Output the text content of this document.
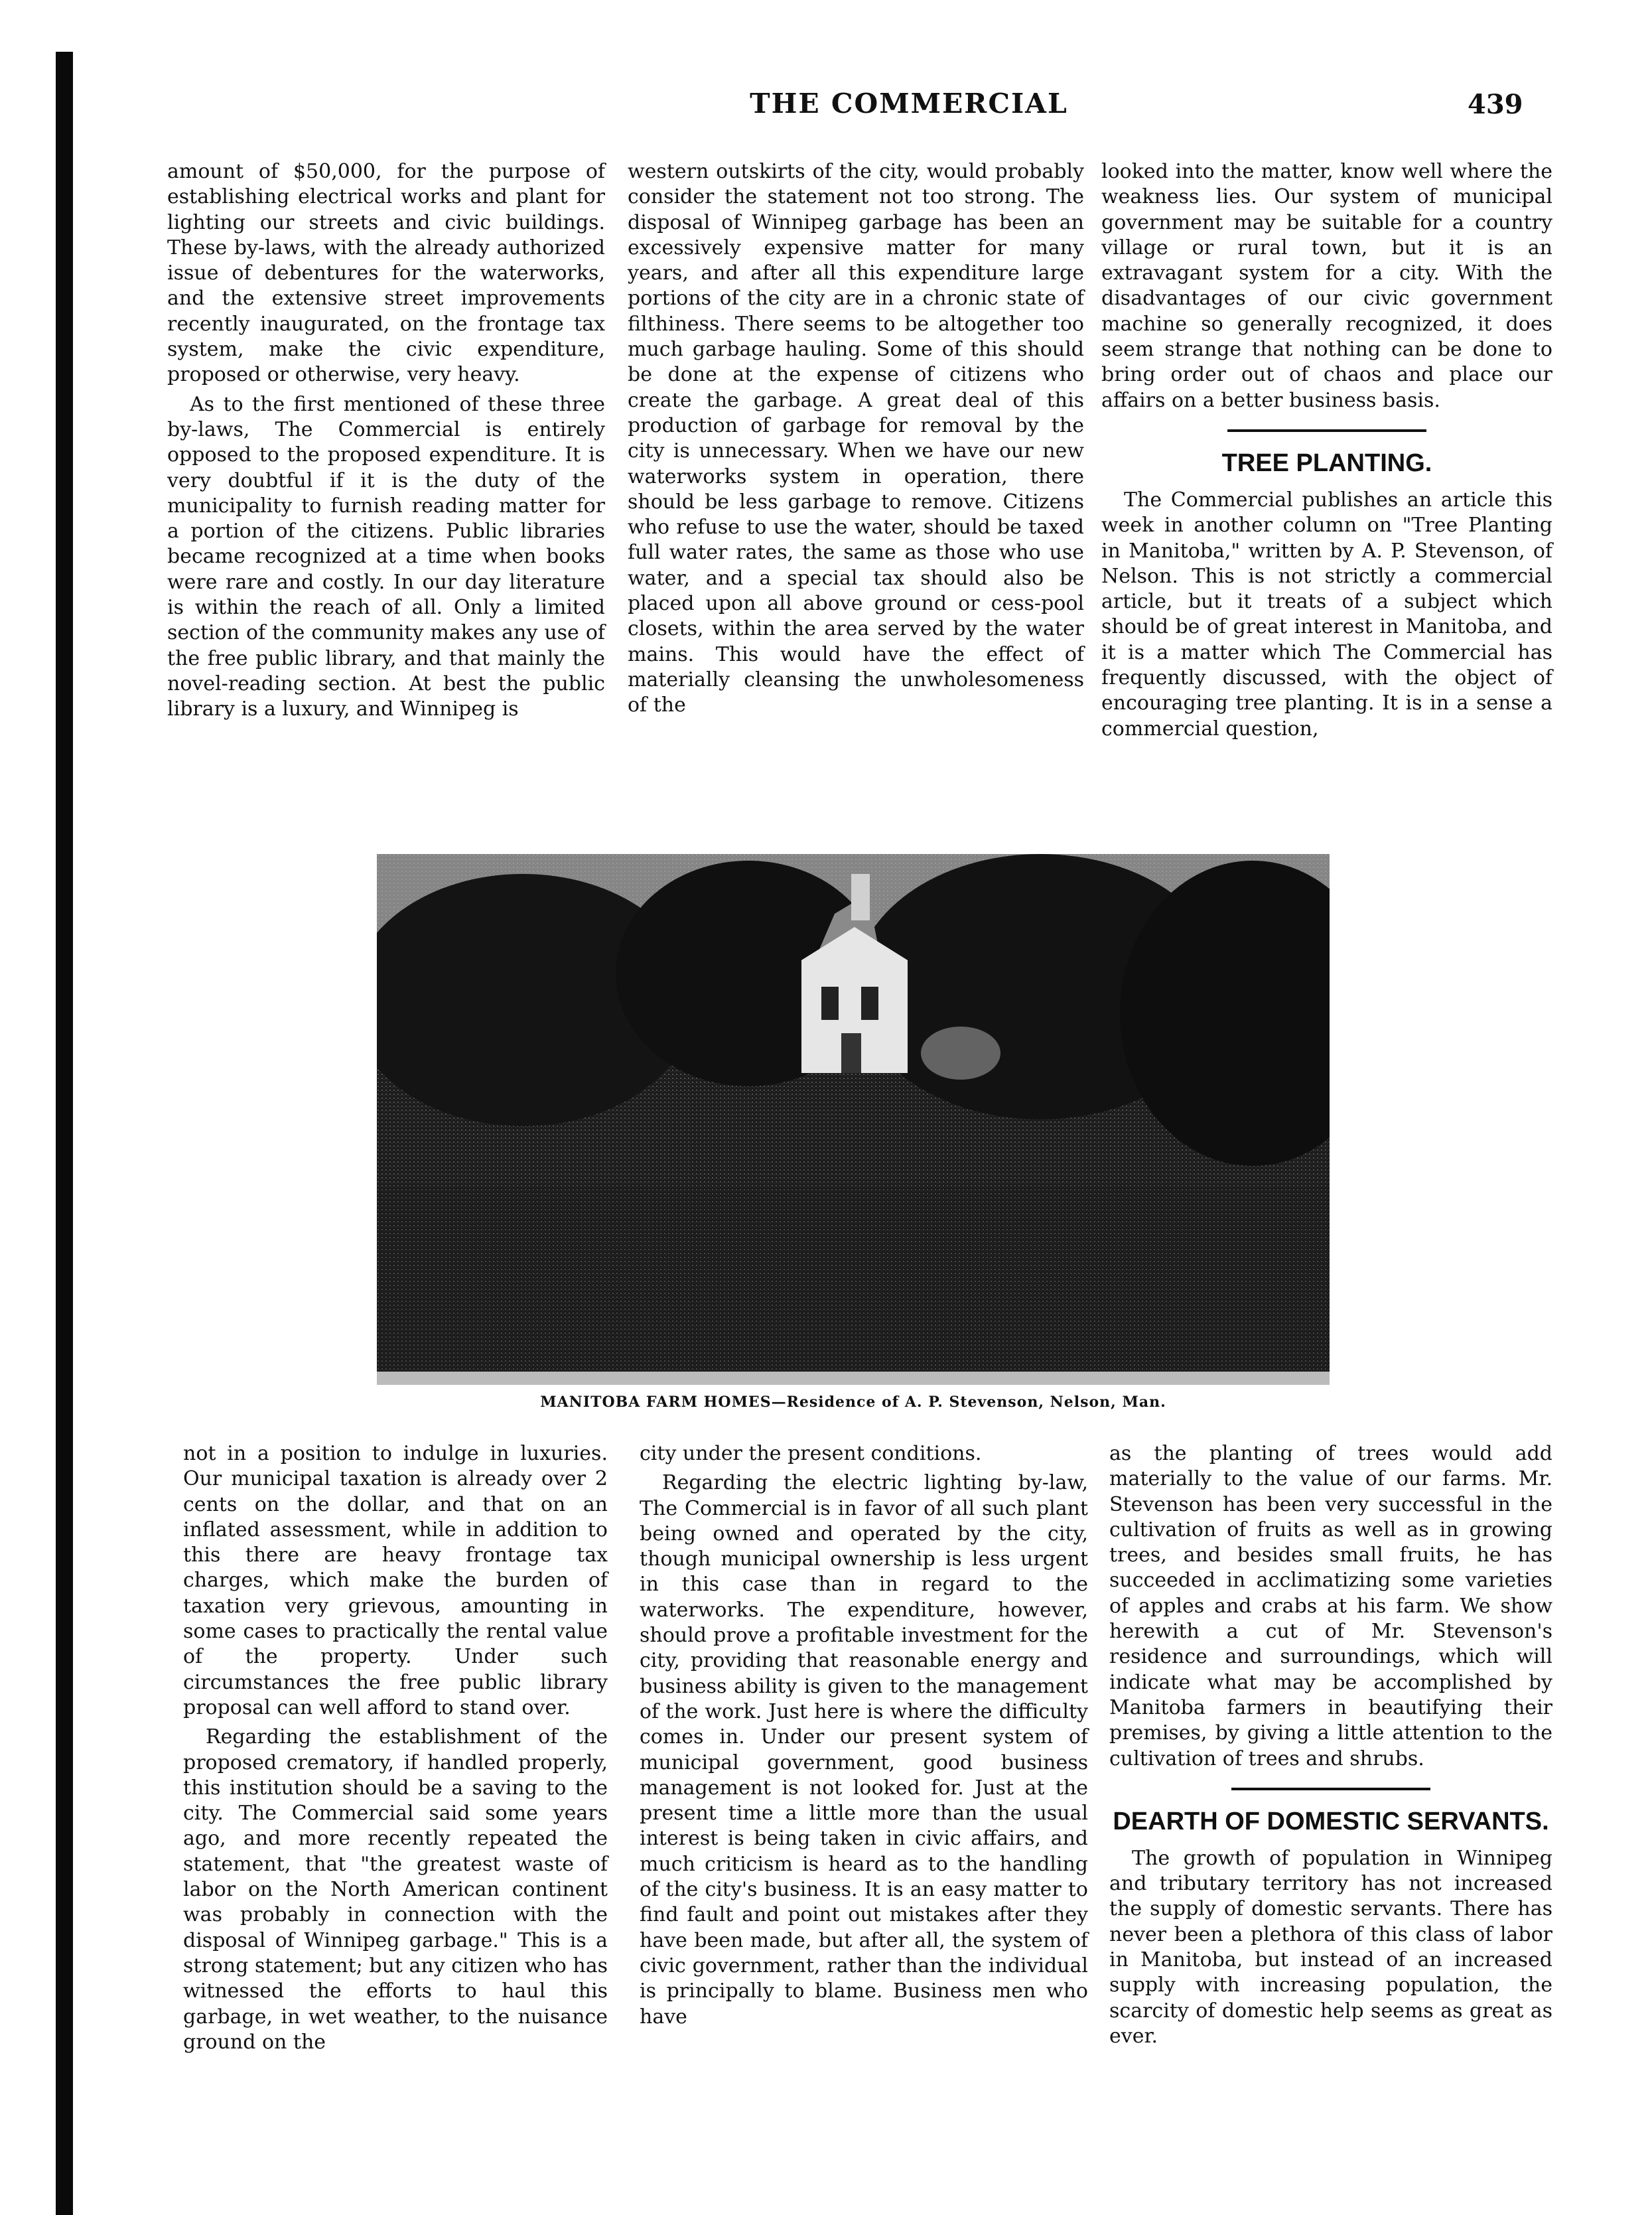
THE COMMERCIAL	439

amount of $50,000, for the purpose of establishing electrical works and plant for lighting our streets and civic buildings. These by-laws, with the already authorized issue of debentures for the waterworks, and the extensive street improvements recently inaugurated, on the frontage tax system, make the civic expenditure, proposed or otherwise, very heavy.

As to the first mentioned of these three by-laws, The Commercial is entirely opposed to the proposed expenditure. It is very doubtful if it is the duty of the municipality to furnish reading matter for a portion of the citizens. Public libraries became recognized at a time when books were rare and costly. In our day literature is within the reach of all. Only a limited section of the community makes any use of the free public library, and that mainly the novel-reading section. At best the public library is a luxury, and Winnipeg is

western outskirts of the city, would probably consider the statement not too strong. The disposal of Winnipeg garbage has been an excessively expensive matter for many years, and after all this expenditure large portions of the city are in a chronic state of filthiness. There seems to be altogether too much garbage hauling. Some of this should be done at the expense of citizens who create the garbage. A great deal of this production of garbage for removal by the city is unnecessary. When we have our new waterworks system in operation, there should be less garbage to remove. Citizens who refuse to use the water, should be taxed full water rates, the same as those who use water, and a special tax should also be placed upon all above ground or cess-pool closets, within the area served by the water mains. This would have the effect of materially cleansing the unwholesomeness of the

looked into the matter, know well where the weakness lies. Our system of municipal government may be suitable for a country village or rural town, but it is an extravagant system for a city. With the disadvantages of our civic government machine so generally recognized, it does seem strange that nothing can be done to bring order out of chaos and place our affairs on a better business basis.

TREE PLANTING.

The Commercial publishes an article this week in another column on "Tree Planting in Manitoba," written by A. P. Stevenson, of Nelson. This is not strictly a commercial article, but it treats of a subject which should be of great interest in Manitoba, and it is a matter which The Commercial has frequently discussed, with the object of encouraging tree planting. It is in a sense a commercial question,

MANITOBA FARM HOMES—Residence of A. P. Stevenson, Nelson, Man.

not in a position to indulge in luxuries. Our municipal taxation is already over 2 cents on the dollar, and that on an inflated assessment, while in addition to this there are heavy frontage tax charges, which make the burden of taxation very grievous, amounting in some cases to practically the rental value of the property. Under such circumstances the free public library proposal can well afford to stand over.

Regarding the establishment of the proposed crematory, if handled properly, this institution should be a saving to the city. The Commercial said some years ago, and more recently repeated the statement, that "the greatest waste of labor on the North American continent was probably in connection with the disposal of Winnipeg garbage." This is a strong statement; but any citizen who has witnessed the efforts to haul this garbage, in wet weather, to the nuisance ground on the

city under the present conditions.

Regarding the electric lighting by-law, The Commercial is in favor of all such plant being owned and operated by the city, though municipal ownership is less urgent in this case than in regard to the waterworks. The expenditure, however, should prove a profitable investment for the city, providing that reasonable energy and business ability is given to the management of the work. Just here is where the difficulty comes in. Under our present system of municipal government, good business management is not looked for. Just at the present time a little more than the usual interest is being taken in civic affairs, and much criticism is heard as to the handling of the city's business. It is an easy matter to find fault and point out mistakes after they have been made, but after all, the system of civic government, rather than the individual is principally to blame. Business men who have

as the planting of trees would add materially to the value of our farms. Mr. Stevenson has been very successful in the cultivation of fruits as well as in growing trees, and besides small fruits, he has succeeded in acclimatizing some varieties of apples and crabs at his farm. We show herewith a cut of Mr. Stevenson's residence and surroundings, which will indicate what may be accomplished by Manitoba farmers in beautifying their premises, by giving a little attention to the cultivation of trees and shrubs.

DEARTH OF DOMESTIC SERVANTS.

The growth of population in Winnipeg and tributary territory has not increased the supply of domestic servants. There has never been a plethora of this class of labor in Manitoba, but instead of an increased supply with increasing population, the scarcity of domestic help seems as great as ever.
